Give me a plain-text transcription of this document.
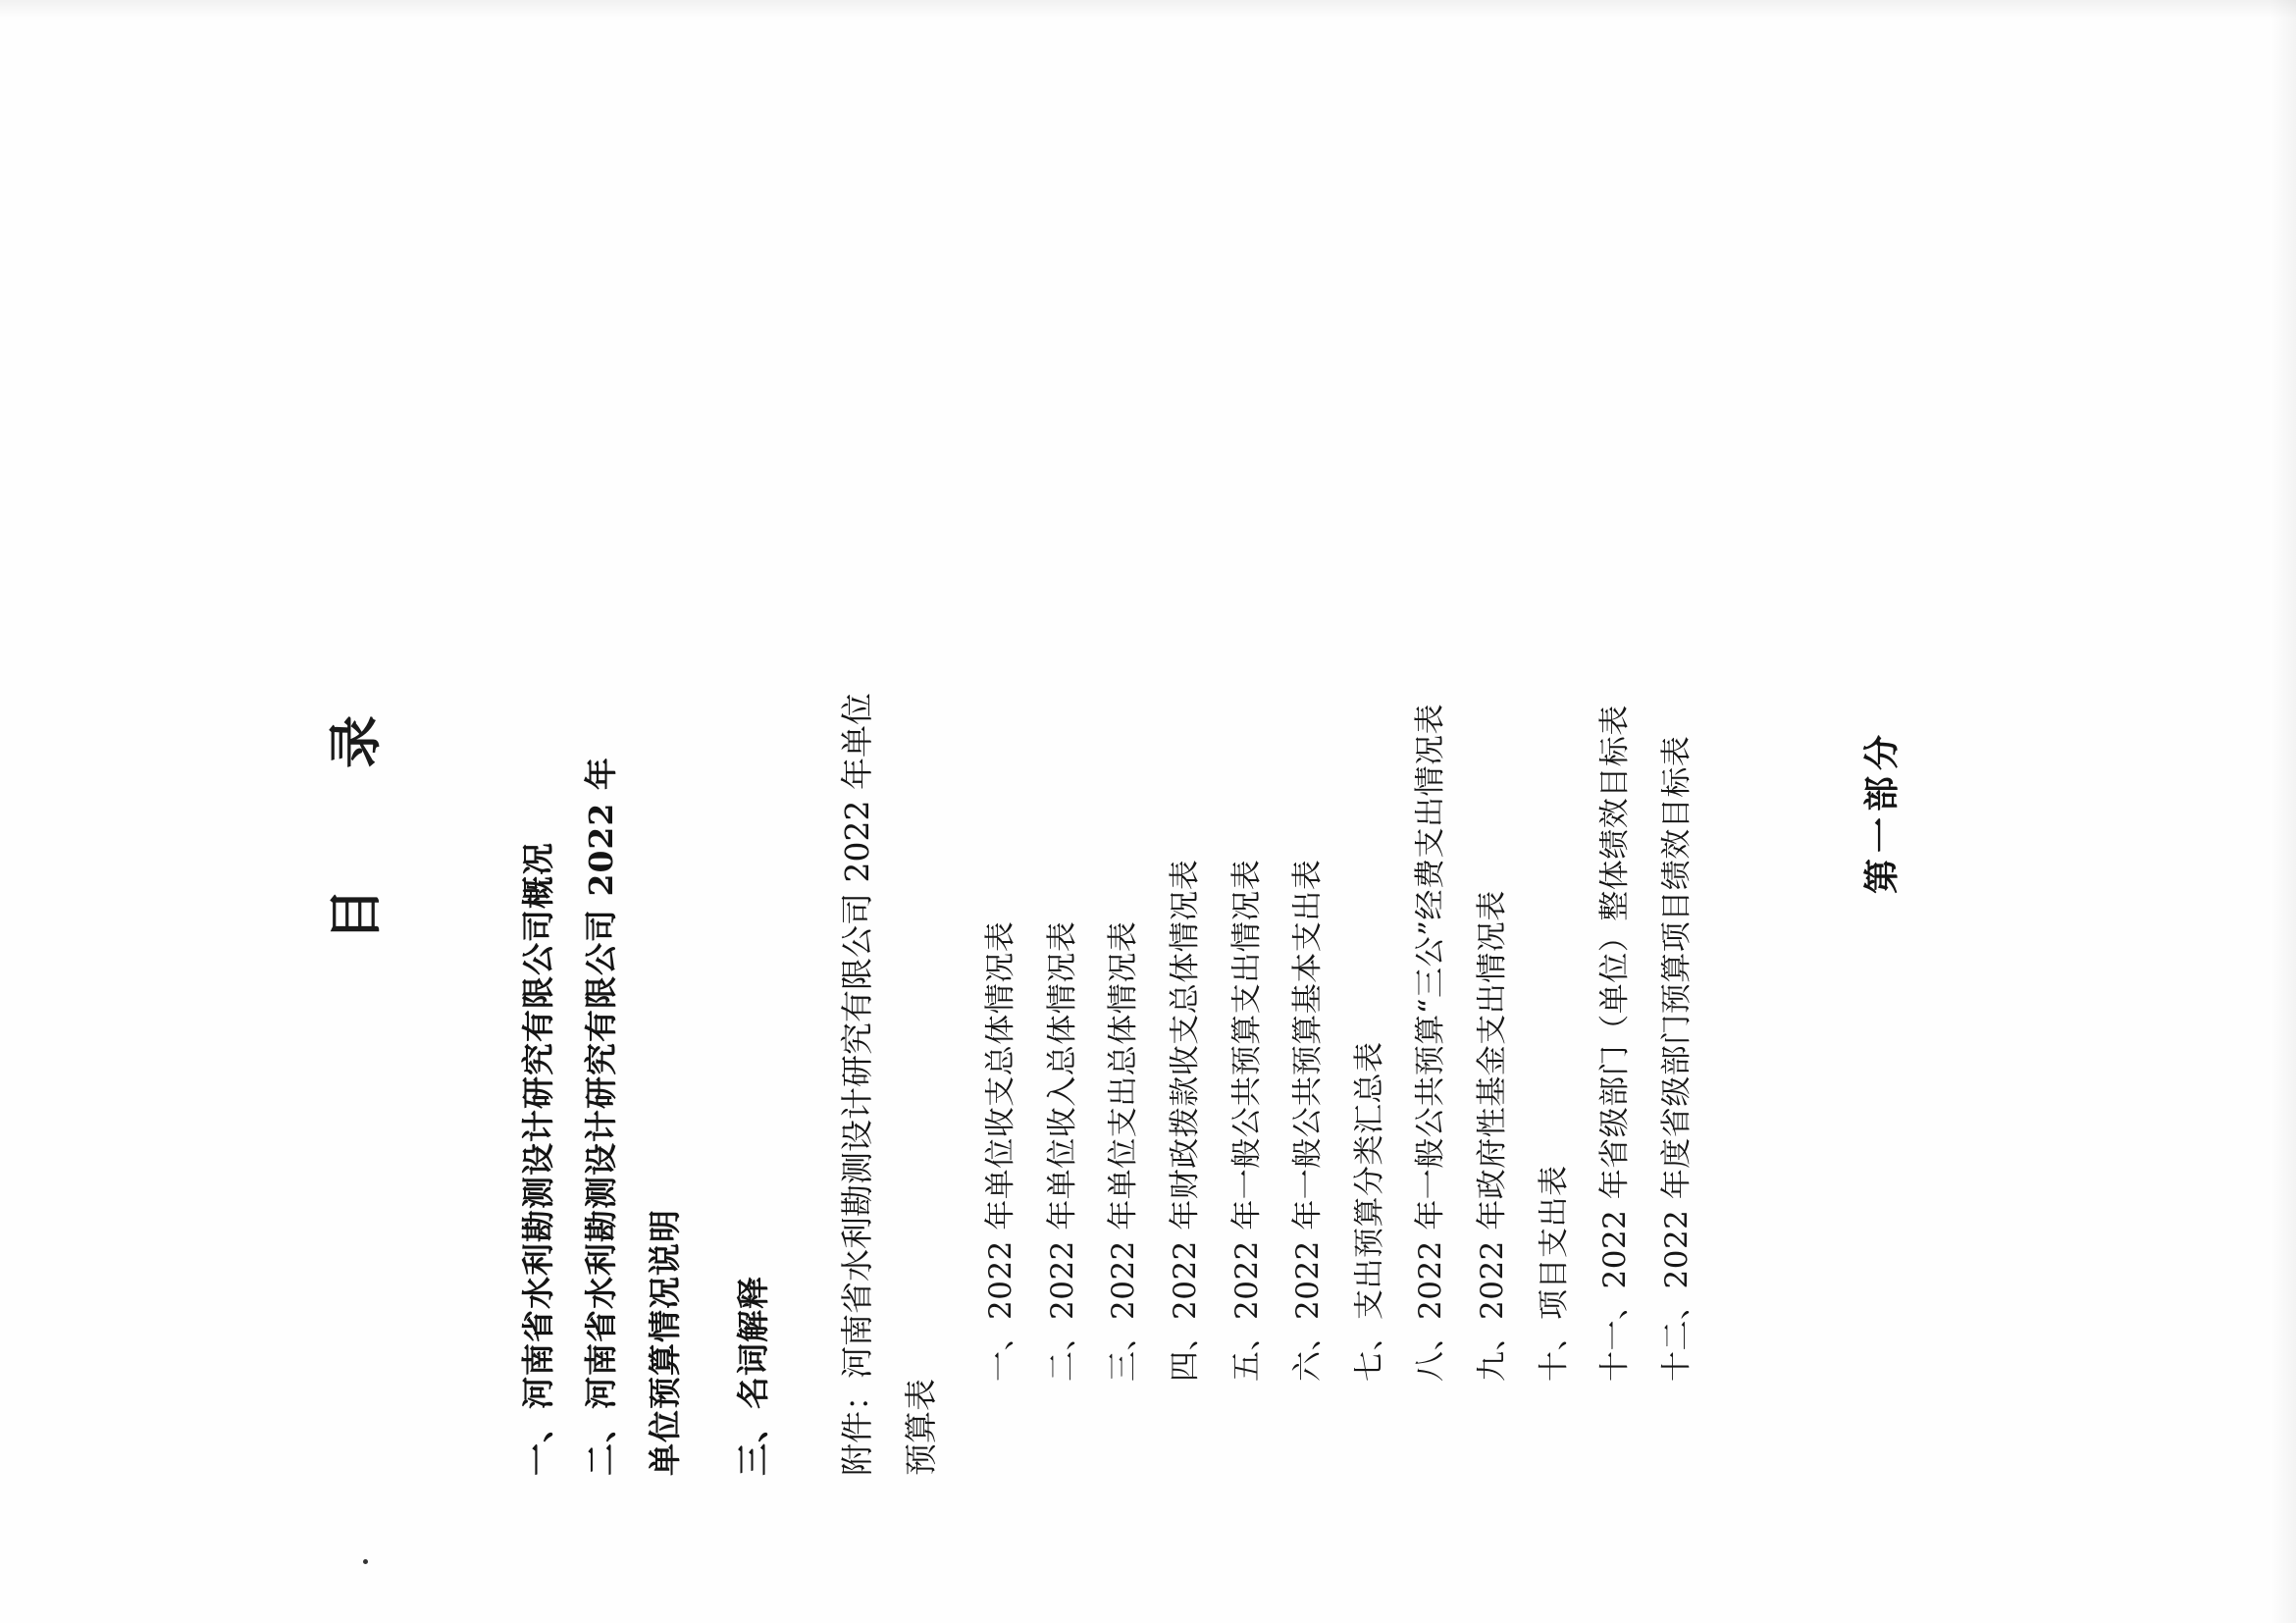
目　录
一、河南省水利勘测设计研究有限公司概况 二、河南省水利勘测设计研究有限公司 2022 年 单位预算情况说明	三、名词解释	附件：河南省水利勘测设计研究有限公司 2022 年单位 预算表
一、2022 年单位收支总体情况表 二、2022 年单位收入总体情况表 三、2022 年单位支出总体情况表 四、2022 年财政拨款收支总体情况表 五、2022 年一般公共预算支出情况表 六、2022 年一般公共预算基本支出表 七、支出预算分类汇总表 八、2022 年一般公共预算“三公”经费支出情况表 九、2022 年政府性基金支出情况表 十、项目支出表 十一、2022 年省级部门（单位）整体绩效目标表 十二、2022 年度省级部门预算项目绩效目标表	第一部分
